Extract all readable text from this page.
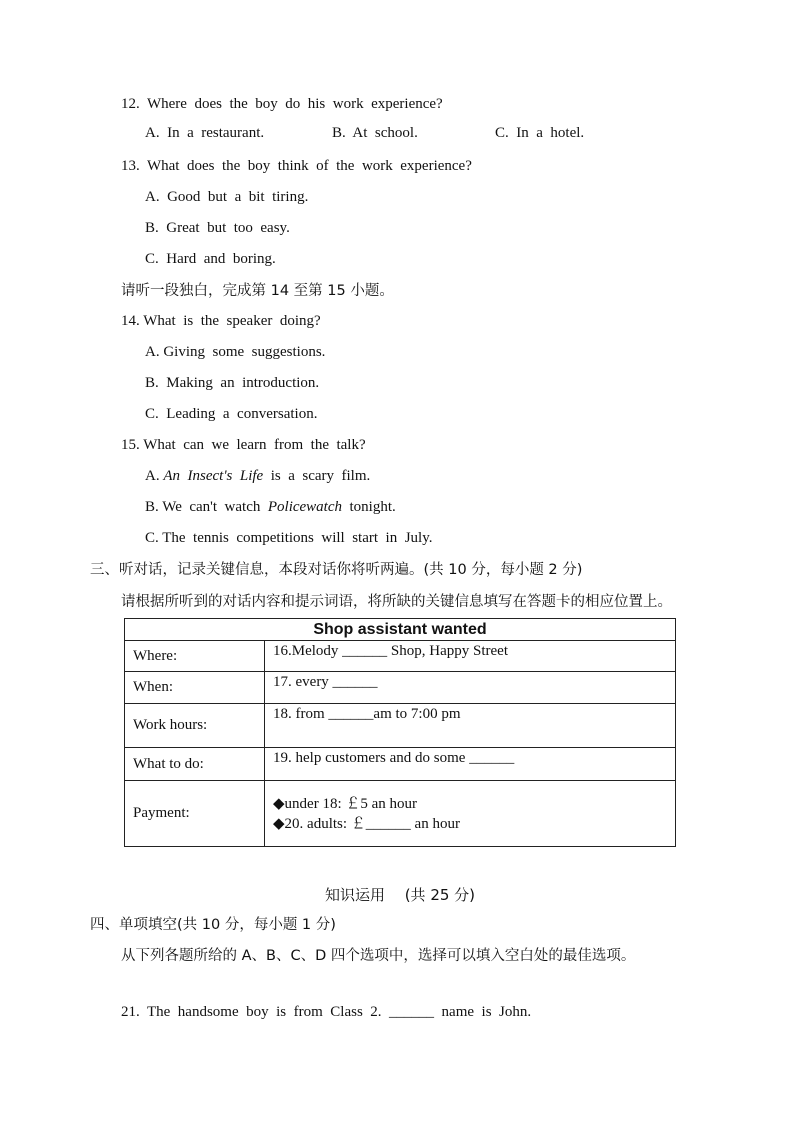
12.  Where  does  the  boy  do  his  work  experience?
A.  In  a  restaurant.	B.  At  school.	C.  In  a  hotel.
13.  What  does  the  boy  think  of  the  work  experience?
A.  Good  but  a  bit  tiring.
B.  Great  but  too  easy.
C.  Hard  and  boring.
请听一段独白，完成第 14 至第 15 小题。
14. What  is  the  speaker  doing?
A. Giving  some  suggestions.
B.  Making  an  introduction.
C.  Leading  a  conversation.
15. What  can  we  learn  from  the  talk?
A. An  Insect's  Life  is  a  scary  film.
B. We  can't  watch  Policewatch  tonight.
C. The  tennis  competitions  will  start  in  July.
三、听对话，记录关键信息，本段对话你将听两遍。(共 10 分，每小题 2 分)
请根据所听到的对话内容和提示词语，将所缺的关键信息填写在答题卡的相应位置上。
Shop assistant wanted	
Where:	16.Melody ______ Shop, Happy Street
When:	17. every ______
Work hours:	18. from ______am to 7:00 pm
What to do:	19. help customers and do some ______
Payment:	◆under 18: ￡5 an hour
◆20. adults: ￡______ an hour
知识运用　 (共 25 分)
四、单项填空(共 10 分，每小题 1 分)
从下列各题所给的 A、B、C、D 四个选项中，选择可以填入空白处的最佳选项。
21.  The  handsome  boy  is  from  Class  2.  ______  name  is  John.
